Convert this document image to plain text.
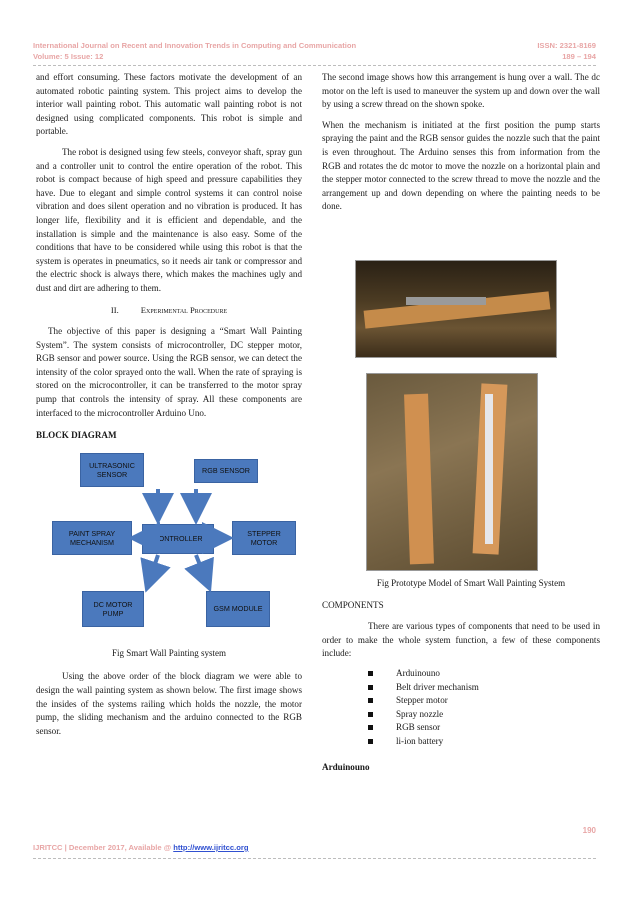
International Journal on Recent and Innovation Trends in Computing and Communication
Volume: 5 Issue: 12
ISSN: 2321-8169
189 – 194

and effort consuming. These factors motivate the development of an automated robotic painting system. This project aims to develop the interior wall painting robot. This automatic wall painting robot is not designed using complicated components. This robot is simple and portable.

The robot is designed using few steels, conveyor shaft, spray gun and a controller unit to control the entire operation of the robot. This robot is compact because of high speed and pressure capabilities they have. Due to elegant and simple control systems it can control noise vibration and does silent operation and no vibration is produced. It has longer life, flexibility and it is efficient and dependable, and the installation is simple and the maintenance is also easy. Some of the conditions that have to be considered while using this robot is that the system is operates in pneumatics, so it needs air tank or compressor and the electric shock is always there, which makes the machines ugly and dust and dirt are adhering to them.

II.	Experimental Procedure

The objective of this paper is designing a “Smart Wall Painting System”. The system consists of microcontroller, DC stepper motor, RGB sensor and power source. Using the RGB sensor, we can detect the intensity of the color sprayed onto the wall. When the rate of spraying is stored on the microcontroller, it can be transferred to the motor spray pump that controls the intensity of spray. All these components are interfaced to the microcontroller Arduino Uno.

BLOCK DIAGRAM

ULTRASONIC SENSOR	RGB SENSOR
PAINT SPRAY MECHANISM	CONTROLLER
STEPPER MOTOR
DC MOTOR PUMP	GSM MODULE

Fig Smart Wall Painting system

Using the above order of the block diagram we were able to design the wall painting system as shown below. The first image shows the insides of the systems railing which holds the nozzle, the motor pump, the sliding mechanism and the arduino connected to the RGB sensor.

The second image shows how this arrangement is hung over a wall. The dc motor on the left is used to maneuver the system up and down over the wall by using a screw thread on the shown spoke.

When the mechanism is initiated at the first position the pump starts spraying the paint and the RGB sensor guides the nozzle such that the paint is even throughout. The Arduino senses this from information from the RGB and rotates the dc motor to move the nozzle on a horizontal plain and the stepper motor connected to the screw thread to move the nozzle and the arrangement up and down depending on where the painting needs to be done.

Fig Prototype Model of Smart Wall Painting System

COMPONENTS

There are various types of components that need to be used in order to make the whole system function, a few of these components include:

Arduinouno
Belt driver mechanism
Stepper motor
Spray nozzle
RGB sensor
li-ion battery

Arduinouno

190
IJRITCC | December 2017, Available @ http://www.ijritcc.org
